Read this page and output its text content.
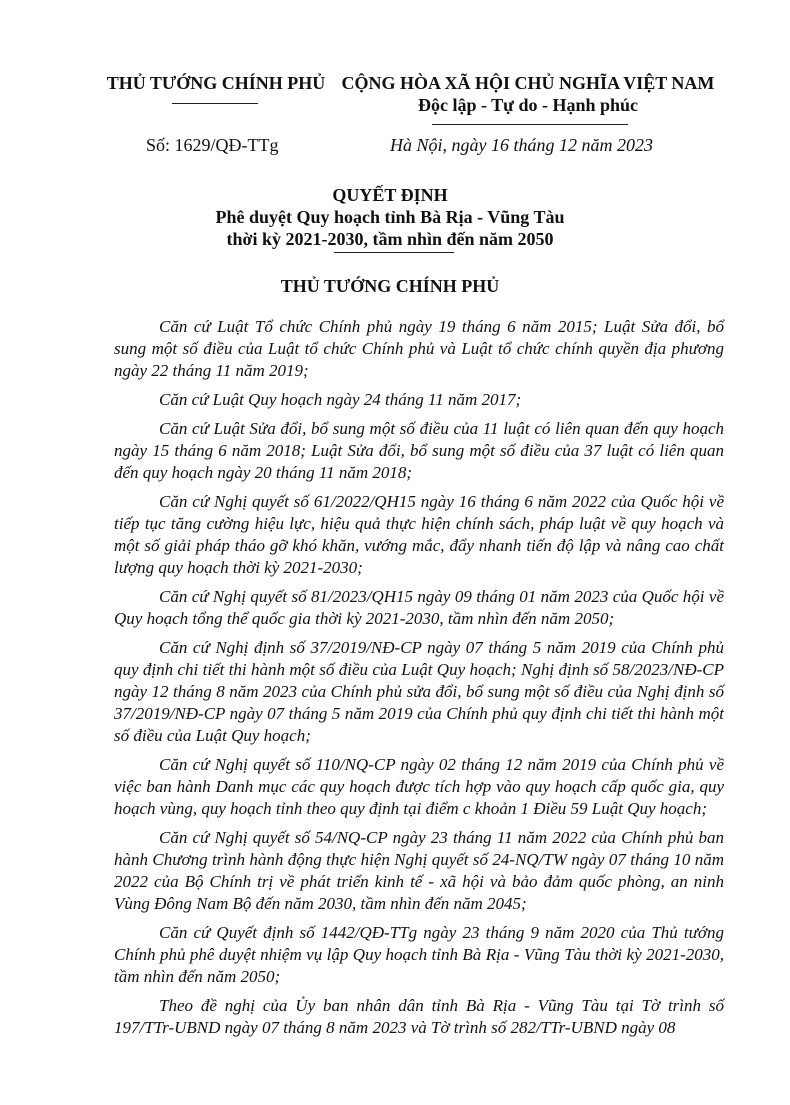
THỦ TƯỚNG CHÍNH PHỦ CỘNG HÒA XÃ HỘI CHỦ NGHĨA VIỆT NAM
Độc lập - Tự do - Hạnh phúc
Số: 1629/QĐ-TTg	Hà Nội, ngày 16 tháng 12 năm 2023
QUYẾT ĐỊNH
Phê duyệt Quy hoạch tỉnh Bà Rịa - Vũng Tàu
thời kỳ 2021-2030, tầm nhìn đến năm 2050
THỦ TƯỚNG CHÍNH PHỦ

Căn cứ Luật Tổ chức Chính phủ ngày 19 tháng 6 năm 2015; Luật Sửa đổi, bổ sung một số điều của Luật tổ chức Chính phủ và Luật tổ chức chính quyền địa phương ngày 22 tháng 11 năm 2019;

Căn cứ Luật Quy hoạch ngày 24 tháng 11 năm 2017;

Căn cứ Luật Sửa đổi, bổ sung một số điều của 11 luật có liên quan đến quy hoạch ngày 15 tháng 6 năm 2018; Luật Sửa đổi, bổ sung một số điều của 37 luật có liên quan đến quy hoạch ngày 20 tháng 11 năm 2018;

Căn cứ Nghị quyết số 61/2022/QH15 ngày 16 tháng 6 năm 2022 của Quốc hội về tiếp tục tăng cường hiệu lực, hiệu quả thực hiện chính sách, pháp luật về quy hoạch và một số giải pháp tháo gỡ khó khăn, vướng mắc, đẩy nhanh tiến độ lập và nâng cao chất lượng quy hoạch thời kỳ 2021-2030;

Căn cứ Nghị quyết số 81/2023/QH15 ngày 09 tháng 01 năm 2023 của Quốc hội về Quy hoạch tổng thể quốc gia thời kỳ 2021-2030, tầm nhìn đến năm 2050;

Căn cứ Nghị định số 37/2019/NĐ-CP ngày 07 tháng 5 năm 2019 của Chính phủ quy định chi tiết thi hành một số điều của Luật Quy hoạch; Nghị định số 58/2023/NĐ-CP ngày 12 tháng 8 năm 2023 của Chính phủ sửa đổi, bổ sung một số điều của Nghị định số 37/2019/NĐ-CP ngày 07 tháng 5 năm 2019 của Chính phủ quy định chi tiết thi hành một số điều của Luật Quy hoạch;

Căn cứ Nghị quyết số 110/NQ-CP ngày 02 tháng 12 năm 2019 của Chính phủ về việc ban hành Danh mục các quy hoạch được tích hợp vào quy hoạch cấp quốc gia, quy hoạch vùng, quy hoạch tỉnh theo quy định tại điểm c khoản 1 Điều 59 Luật Quy hoạch;

Căn cứ Nghị quyết số 54/NQ-CP ngày 23 tháng 11 năm 2022 của Chính phủ ban hành Chương trình hành động thực hiện Nghị quyết số 24-NQ/TW ngày 07 tháng 10 năm 2022 của Bộ Chính trị về phát triển kinh tế - xã hội và bảo đảm quốc phòng, an ninh Vùng Đông Nam Bộ đến năm 2030, tầm nhìn đến năm 2045;

Căn cứ Quyết định số 1442/QĐ-TTg ngày 23 tháng 9 năm 2020 của Thủ tướng Chính phủ phê duyệt nhiệm vụ lập Quy hoạch tỉnh Bà Rịa - Vũng Tàu thời kỳ 2021-2030, tầm nhìn đến năm 2050;

Theo đề nghị của Ủy ban nhân dân tỉnh Bà Rịa - Vũng Tàu tại Tờ trình số 197/TTr-UBND ngày 07 tháng 8 năm 2023 và Tờ trình số 282/TTr-UBND ngày 08
